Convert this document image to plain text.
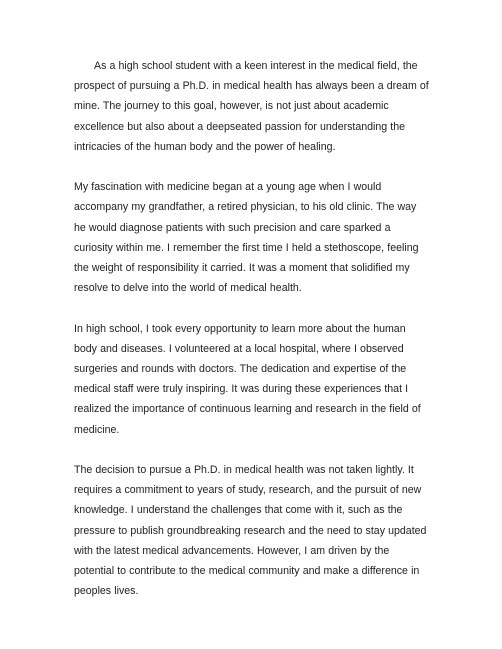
As a high school student with a keen interest in the medical field, the prospect of pursuing a Ph.D. in medical health has always been a dream of mine. The journey to this goal, however, is not just about academic excellence but also about a deepseated passion for understanding the intricacies of the human body and the power of healing.

My fascination with medicine began at a young age when I would accompany my grandfather, a retired physician, to his old clinic. The way he would diagnose patients with such precision and care sparked a curiosity within me. I remember the first time I held a stethoscope, feeling the weight of responsibility it carried. It was a moment that solidified my resolve to delve into the world of medical health.

In high school, I took every opportunity to learn more about the human body and diseases. I volunteered at a local hospital, where I observed surgeries and rounds with doctors. The dedication and expertise of the medical staff were truly inspiring. It was during these experiences that I realized the importance of continuous learning and research in the field of medicine.

The decision to pursue a Ph.D. in medical health was not taken lightly. It requires a commitment to years of study, research, and the pursuit of new knowledge. I understand the challenges that come with it, such as the pressure to publish groundbreaking research and the need to stay updated with the latest medical advancements. However, I am driven by the potential to contribute to the medical community and make a difference in peoples lives.
